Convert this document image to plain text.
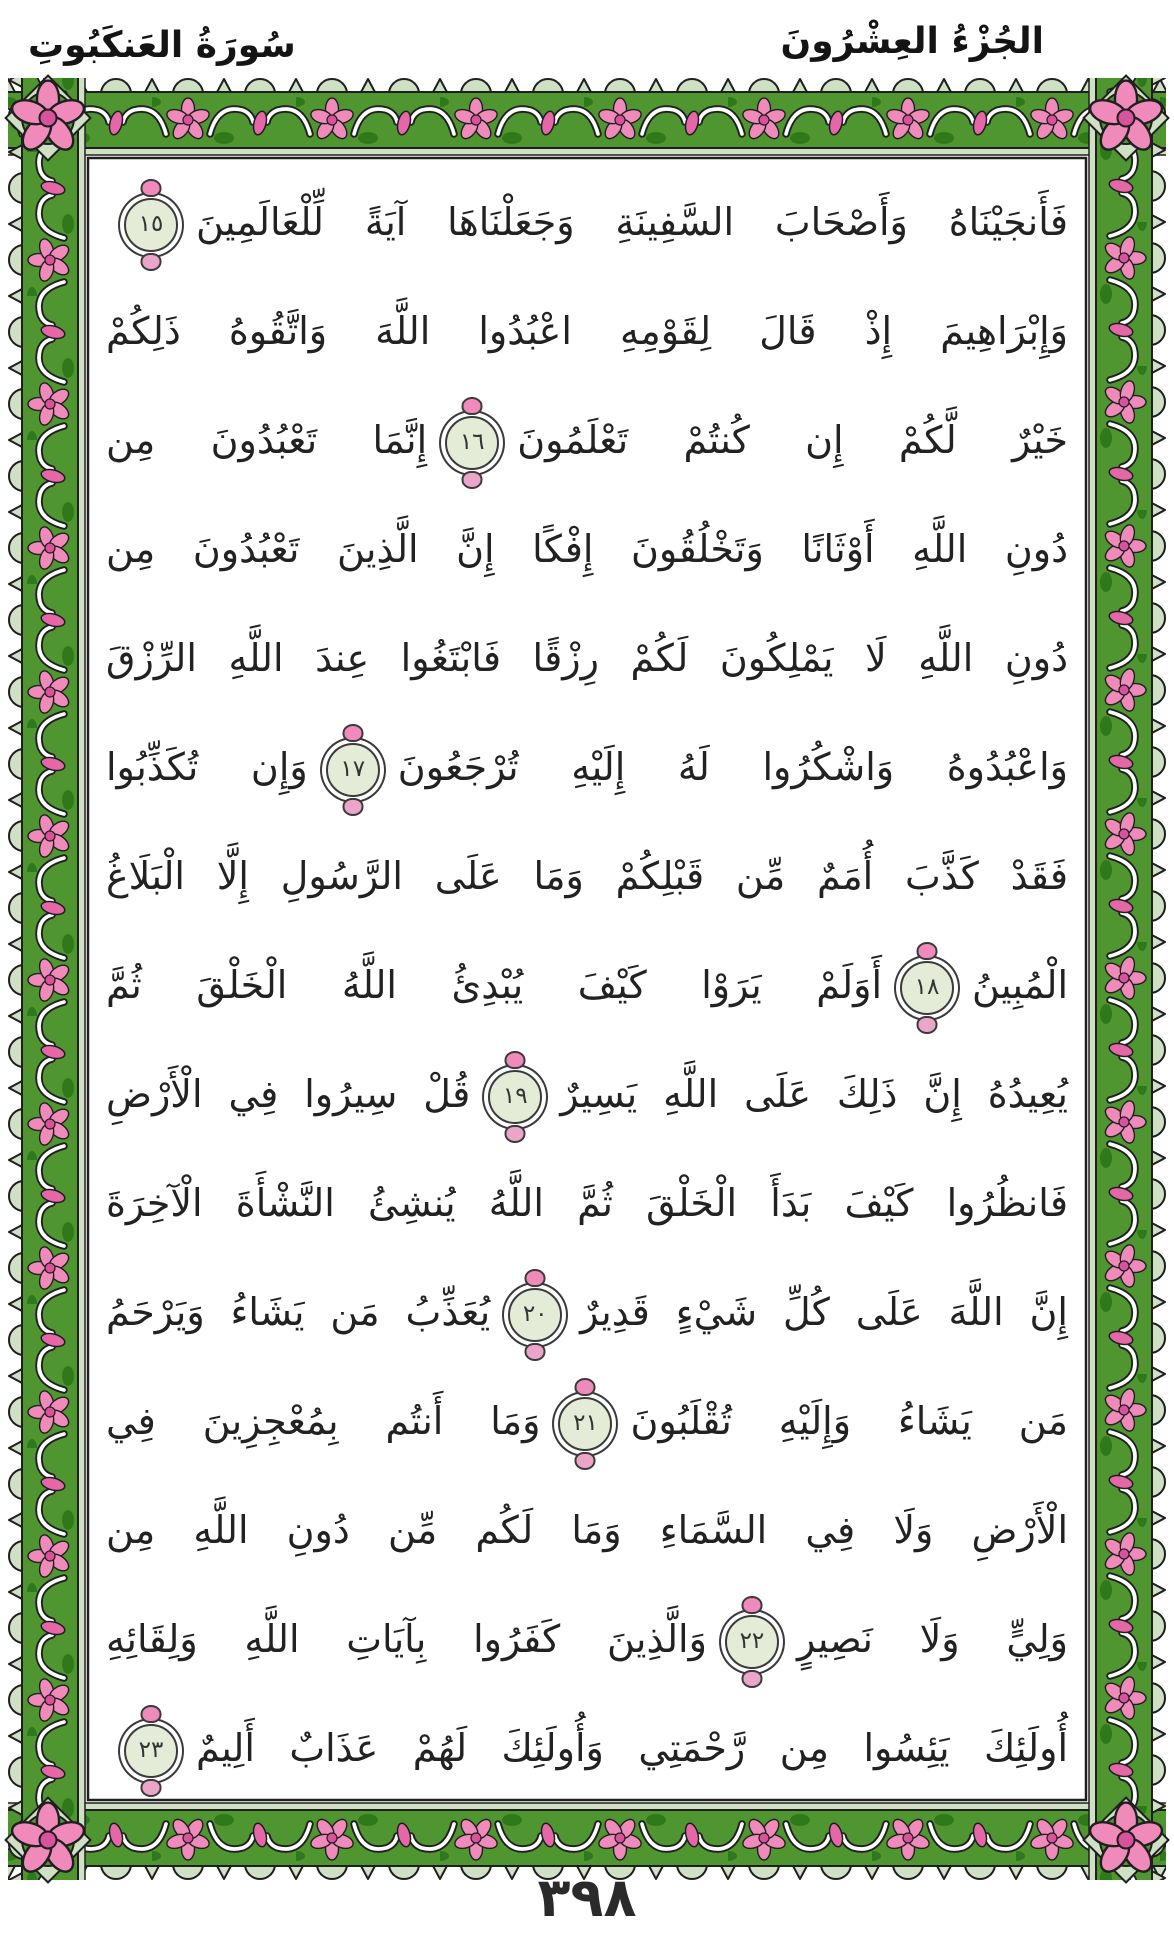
الجُزْءُ العِشْرُونَ
سُورَةُ العَنكَبُوتِ
فَأَنجَيْنَاهُ وَأَصْحَابَ السَّفِينَةِ وَجَعَلْنَاهَا آيَةً لِّلْعَالَمِينَ١٥
وَإِبْرَاهِيمَ إِذْ قَالَ لِقَوْمِهِ اعْبُدُوا اللَّهَ وَاتَّقُوهُ ذَلِكُمْ
خَيْرٌ لَّكُمْ إِن كُنتُمْ تَعْلَمُونَ١٦إِنَّمَا تَعْبُدُونَ مِن
دُونِ اللَّهِ أَوْثَانًا وَتَخْلُقُونَ إِفْكًا إِنَّ الَّذِينَ تَعْبُدُونَ مِن
دُونِ اللَّهِ لَا يَمْلِكُونَ لَكُمْ رِزْقًا فَابْتَغُوا عِندَ اللَّهِ الرِّزْقَ
وَاعْبُدُوهُ وَاشْكُرُوا لَهُ إِلَيْهِ تُرْجَعُونَ١٧وَإِن تُكَذِّبُوا
فَقَدْ كَذَّبَ أُمَمٌ مِّن قَبْلِكُمْ وَمَا عَلَى الرَّسُولِ إِلَّا الْبَلَاغُ
الْمُبِينُ١٨أَوَلَمْ يَرَوْا كَيْفَ يُبْدِئُ اللَّهُ الْخَلْقَ ثُمَّ
يُعِيدُهُ إِنَّ ذَلِكَ عَلَى اللَّهِ يَسِيرٌ١٩قُلْ سِيرُوا فِي الْأَرْضِ
فَانظُرُوا كَيْفَ بَدَأَ الْخَلْقَ ثُمَّ اللَّهُ يُنشِئُ النَّشْأَةَ الْآخِرَةَ
إِنَّ اللَّهَ عَلَى كُلِّ شَيْءٍ قَدِيرٌ٢٠يُعَذِّبُ مَن يَشَاءُ وَيَرْحَمُ
مَن يَشَاءُ وَإِلَيْهِ تُقْلَبُونَ٢١وَمَا أَنتُم بِمُعْجِزِينَ فِي
الْأَرْضِ وَلَا فِي السَّمَاءِ وَمَا لَكُم مِّن دُونِ اللَّهِ مِن
وَلِيٍّ وَلَا نَصِيرٍ٢٢وَالَّذِينَ كَفَرُوا بِآيَاتِ اللَّهِ وَلِقَائِهِ
أُولَئِكَ يَئِسُوا مِن رَّحْمَتِي وَأُولَئِكَ لَهُمْ عَذَابٌ أَلِيمٌ٢٣
٣٩٨
